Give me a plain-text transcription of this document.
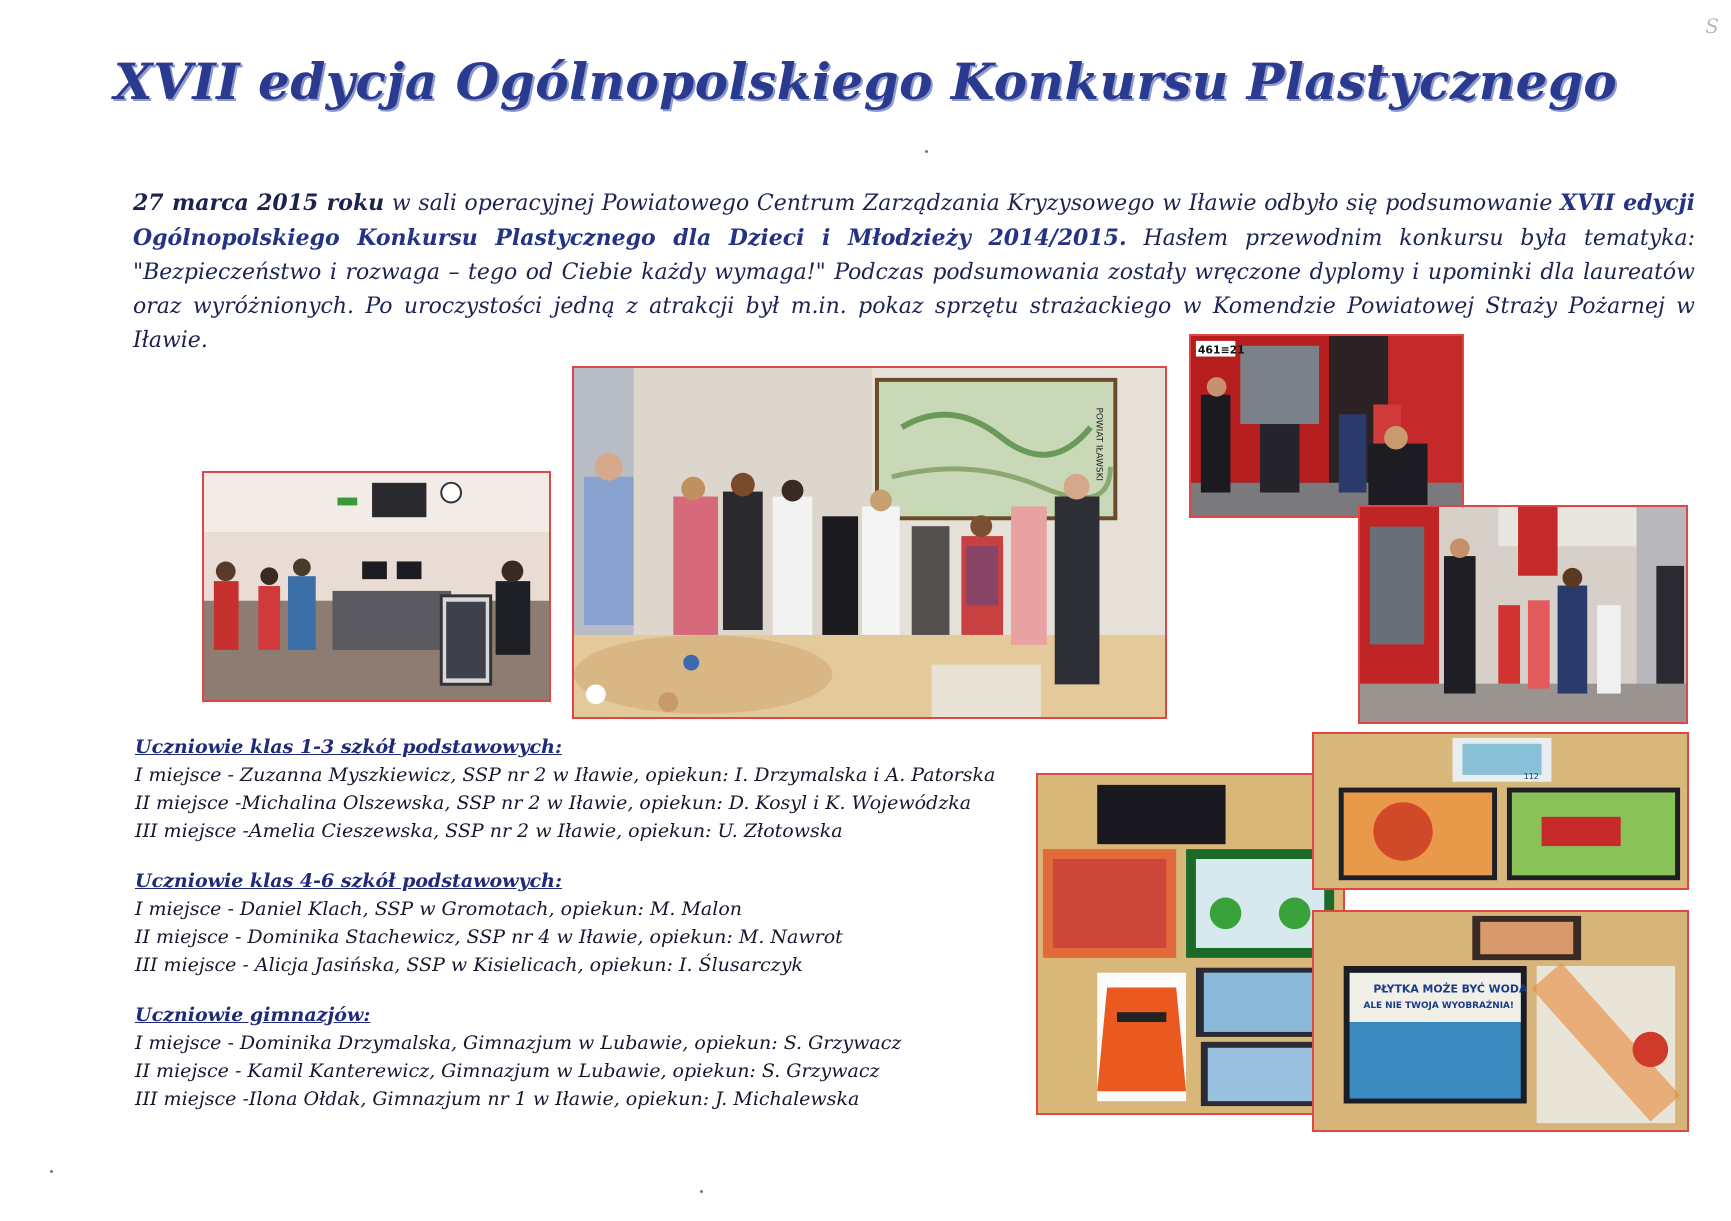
S
XVII edycja Ogólnopolskiego Konkursu Plastycznego

27 marca 2015 roku w sali operacyjnej Powiatowego Centrum Zarządzania Kryzysowego w Iławie odbyło się podsumowanie XVII edycji Ogólnopolskiego Konkursu Plastycznego dla Dzieci i Młodzieży 2014/2015. Hasłem przewodnim konkursu była tematyka: "Bezpieczeństwo i rozwaga – tego od Ciebie każdy wymaga!" Podczas podsumowania zostały wręczone dyplomy i upominki dla laureatów oraz wyróżnionych. Po uroczystości jedną z atrakcji był m.in. pokaz sprzętu strażackiego w Komendzie Powiatowej Straży Pożarnej w Iławie.

POWIAT IŁAWSKI
461≡21
112
PŁYTKA MOŻE BYĆ WODA
ALE NIE TWOJA WYOBRAŹNIA!
Uczniowie klas 1-3 szkół podstawowych:
I miejsce - Zuzanna Myszkiewicz, SSP nr 2 w Iławie, opiekun: I. Drzymalska i A. Patorska
II miejsce -Michalina Olszewska, SSP nr 2 w Iławie, opiekun: D. Kosyl i K. Wojewódzka
III miejsce -Amelia Cieszewska, SSP nr 2 w Iławie, opiekun: U. Złotowska
Uczniowie klas 4-6 szkół podstawowych:
I miejsce - Daniel Klach, SSP w Gromotach, opiekun: M. Malon
II miejsce - Dominika Stachewicz, SSP nr 4 w Iławie, opiekun: M. Nawrot
III miejsce - Alicja Jasińska, SSP w Kisielicach, opiekun: I. Ślusarczyk
Uczniowie gimnazjów:
I miejsce - Dominika Drzymalska, Gimnazjum w Lubawie, opiekun: S. Grzywacz
II miejsce - Kamil Kanterewicz, Gimnazjum w Lubawie, opiekun: S. Grzywacz
III miejsce -Ilona Ołdak, Gimnazjum nr 1 w Iławie, opiekun: J. Michalewska
